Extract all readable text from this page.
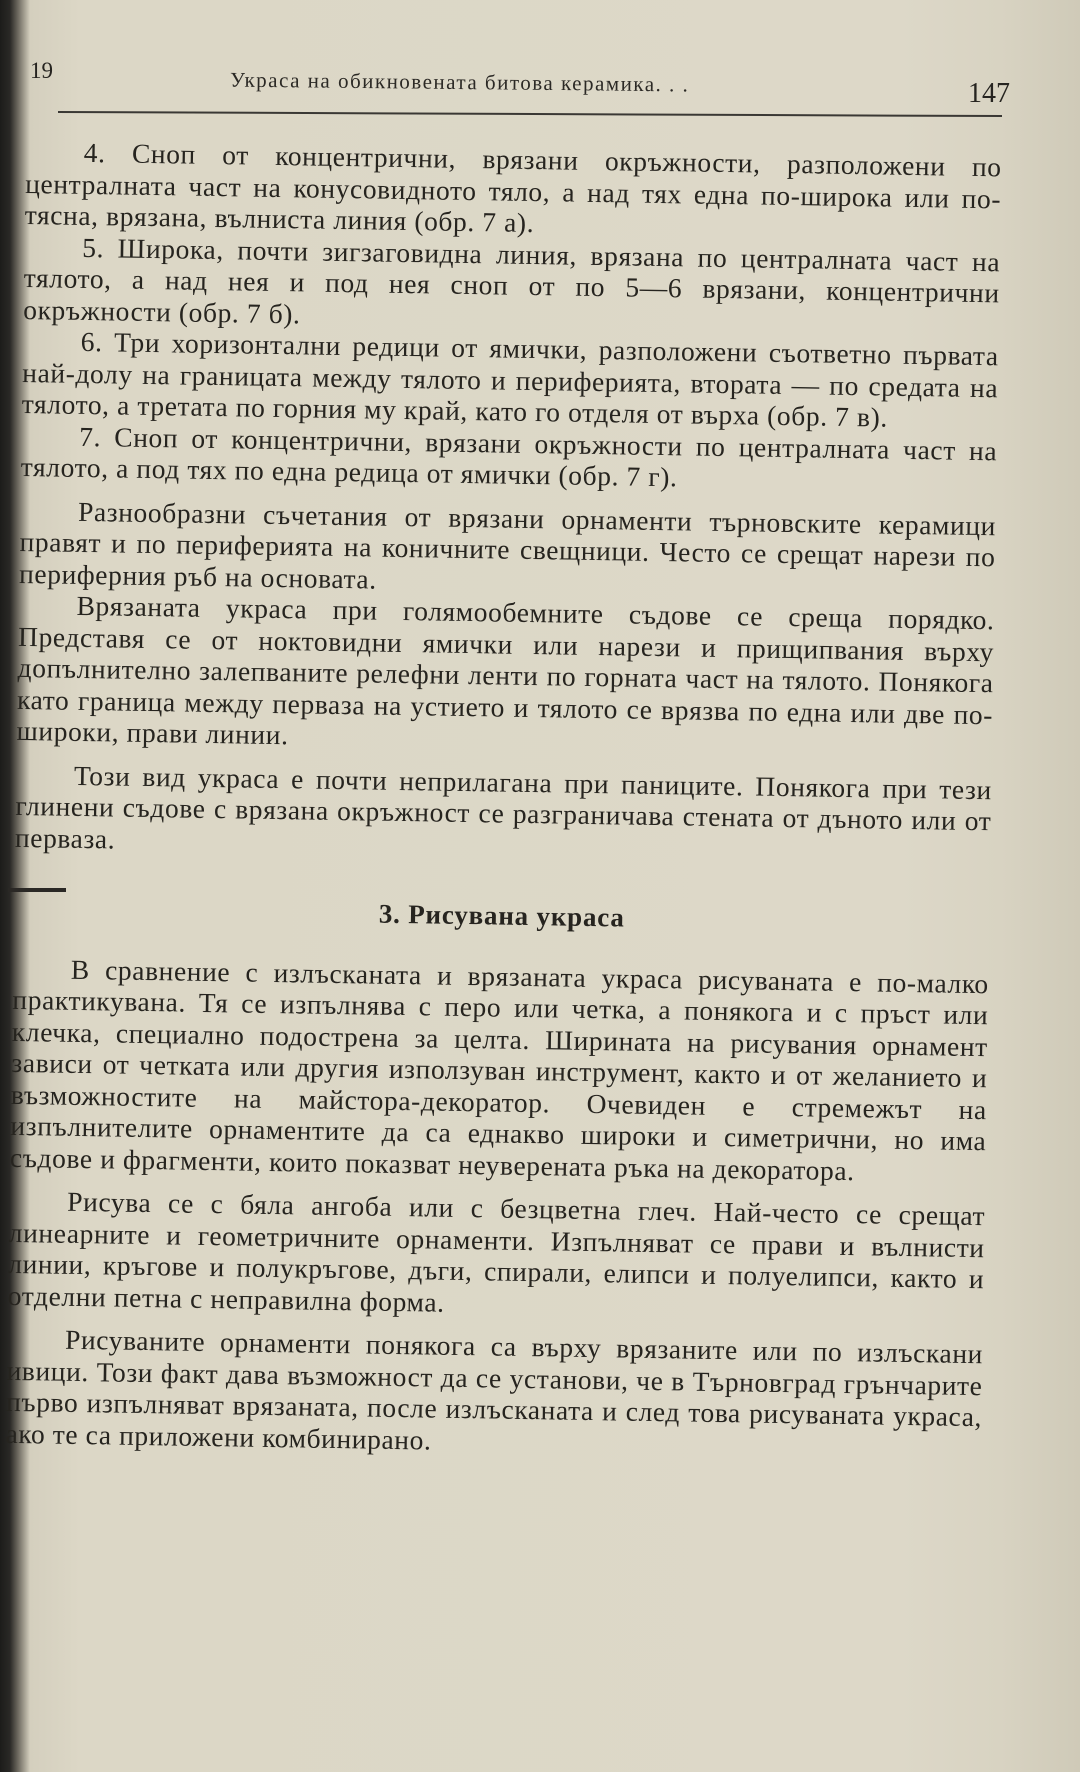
19	Украса на обикновената битова керамика. . .	147

4. Сноп от концентрични, врязани окръжности, разположени по централната част на конусовидното тяло, а над тях една по-широка или по-тясна, врязана, вълниста линия (обр. 7 а).

5. Широка, почти зигзаговидна линия, врязана по централната част на тялото, а над нея и под нея сноп от по 5—6 врязани, концентрични окръжности (обр. 7 б).

6. Три хоризонтални редици от ямички, разположени съответно първата най-долу на границата между тялото и периферията, втората — по средата на тялото, а третата по горния му край, като го отделя от върха (обр. 7 в).

7. Сноп от концентрични, врязани окръжности по централната част на тялото, а под тях по една редица от ямички (обр. 7 г).

Разнообразни съчетания от врязани орнаменти търновските керамици правят и по периферията на коничните свещници. Често се срещат нарези по периферния ръб на основата.

Врязаната украса при голямообемните съдове се среща порядко. Представя се от ноктовидни ямички или нарези и прищипвания върху допълнително залепваните релефни ленти по горната част на тялото. Понякога като граница между перваза на устието и тялото се врязва по една или две по-широки, прави линии.

Този вид украса е почти неприлагана при паниците. Понякога при тези глинени съдове с врязана окръжност се разграничава стената от дъното или от перваза.

3. Рисувана украса

В сравнение с излъсканата и врязаната украса рисуваната е по-малко практикувана. Тя се изпълнява с перо или четка, а понякога и с пръст или клечка, специално подострена за целта. Ширината на рисувания орнамент зависи от четката или другия използуван инструмент, както и от желанието и възможностите на майстора-декоратор. Очевиден е стремежът на изпълнителите орнаментите да са еднакво широки и симетрични, но има съдове и фрагменти, които показват неуверената ръка на декоратора.

Рисува се с бяла ангоба или с безцветна глеч. Най-често се срещат линеарните и геометричните орнаменти. Изпълняват се прави и вълнисти линии, кръгове и полукръгове, дъги, спирали, елипси и полуелипси, както и отделни петна с неправилна форма.

Рисуваните орнаменти понякога са върху врязаните или по излъскани ивици. Този факт дава възможност да се установи, че в Търновград грънчарите първо изпълняват врязаната, после излъсканата и след това рисуваната украса, ако те са приложени комбинирано.
